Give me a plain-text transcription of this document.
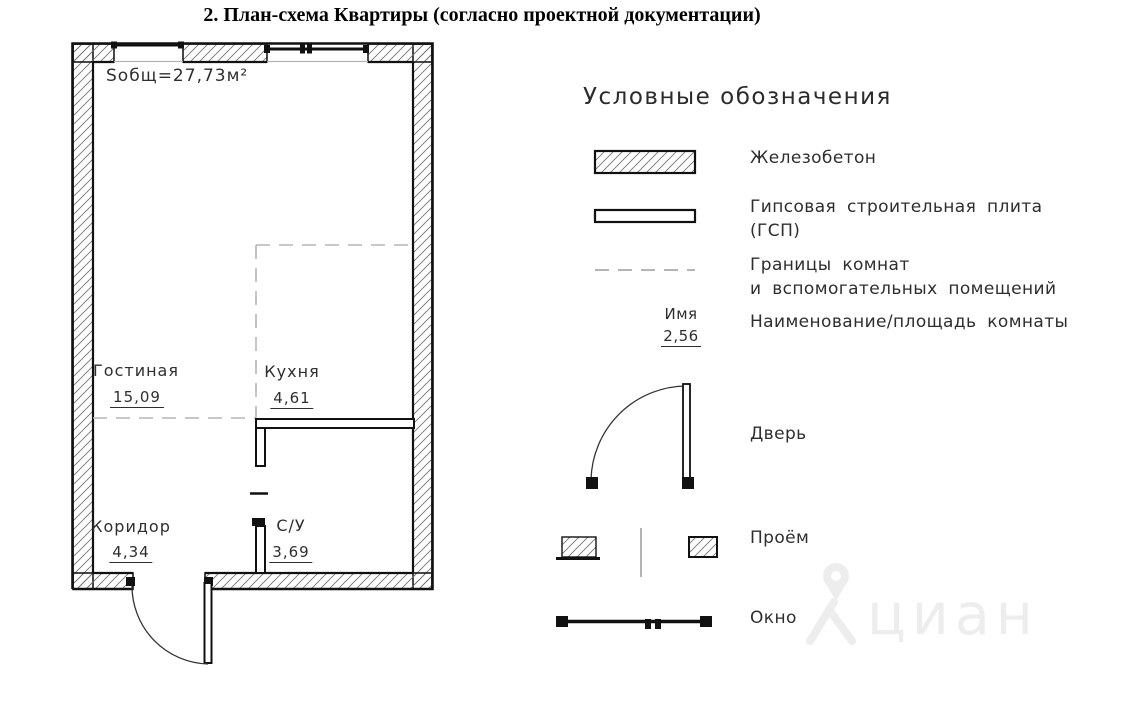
2. План-схема Квартиры (согласно проектной документации)
циан
Sобщ=27,73м²
Гостиная
15,09
Кухня
4,61
Коридор
4,34
С/У
3,69
Условные обозначения
Железобетон
Гипсовая строительная плита
(ГСП)
Границы комнат
и вспомогательных помещений
Имя
2,56
Наименование/площадь комнаты
Дверь
Проём
Окно
